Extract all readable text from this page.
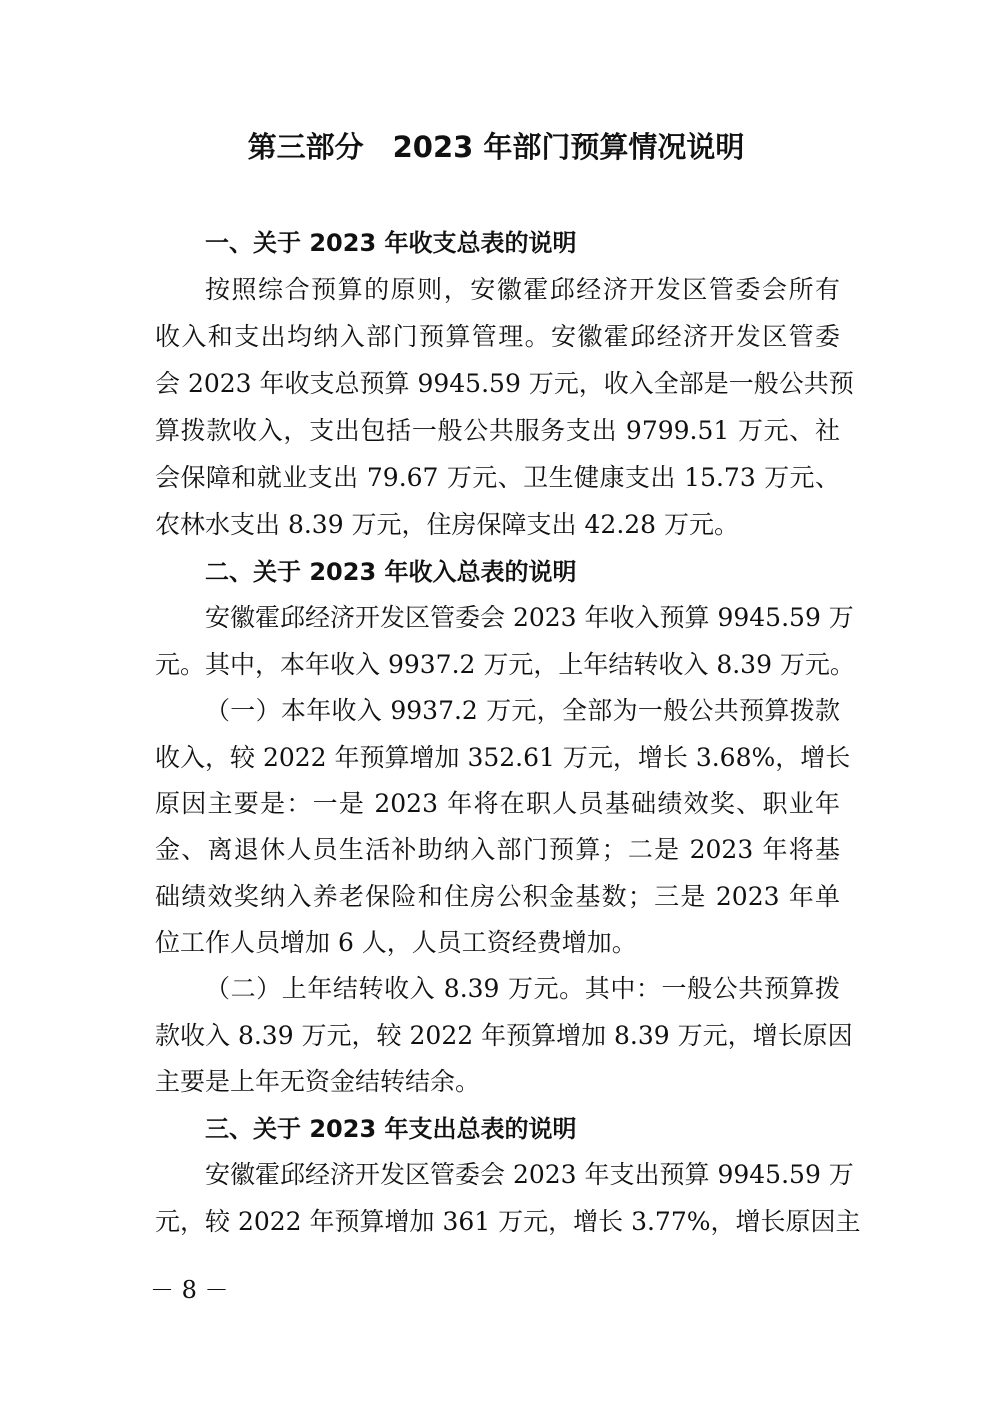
第三部分　2023 年部门预算情况说明
一、关于 2023 年收支总表的说明
按照综合预算的原则，安徽霍邱经济开发区管委会所有
收入和支出均纳入部门预算管理。安徽霍邱经济开发区管委
会 2023 年收支总预算 9945.59 万元，收入全部是一般公共预
算拨款收入，支出包括一般公共服务支出 9799.51 万元、社
会保障和就业支出 79.67 万元、卫生健康支出 15.73 万元、
农林水支出 8.39 万元，住房保障支出 42.28 万元。
二、关于 2023 年收入总表的说明
安徽霍邱经济开发区管委会 2023 年收入预算 9945.59 万
元。其中，本年收入 9937.2 万元，上年结转收入 8.39 万元。
（一）本年收入 9937.2 万元，全部为一般公共预算拨款
收入，较 2022 年预算增加 352.61 万元，增长 3.68%，增长
原因主要是：一是 2023 年将在职人员基础绩效奖、职业年
金、离退休人员生活补助纳入部门预算；二是 2023 年将基
础绩效奖纳入养老保险和住房公积金基数；三是 2023 年单
位工作人员增加 6 人，人员工资经费增加。
（二）上年结转收入 8.39 万元。其中：一般公共预算拨
款收入 8.39 万元，较 2022 年预算增加 8.39 万元，增长原因
主要是上年无资金结转结余。
三、关于 2023 年支出总表的说明
安徽霍邱经济开发区管委会 2023 年支出预算 9945.59 万
元，较 2022 年预算增加 361 万元，增长 3.77%，增长原因主
－ 8 －
